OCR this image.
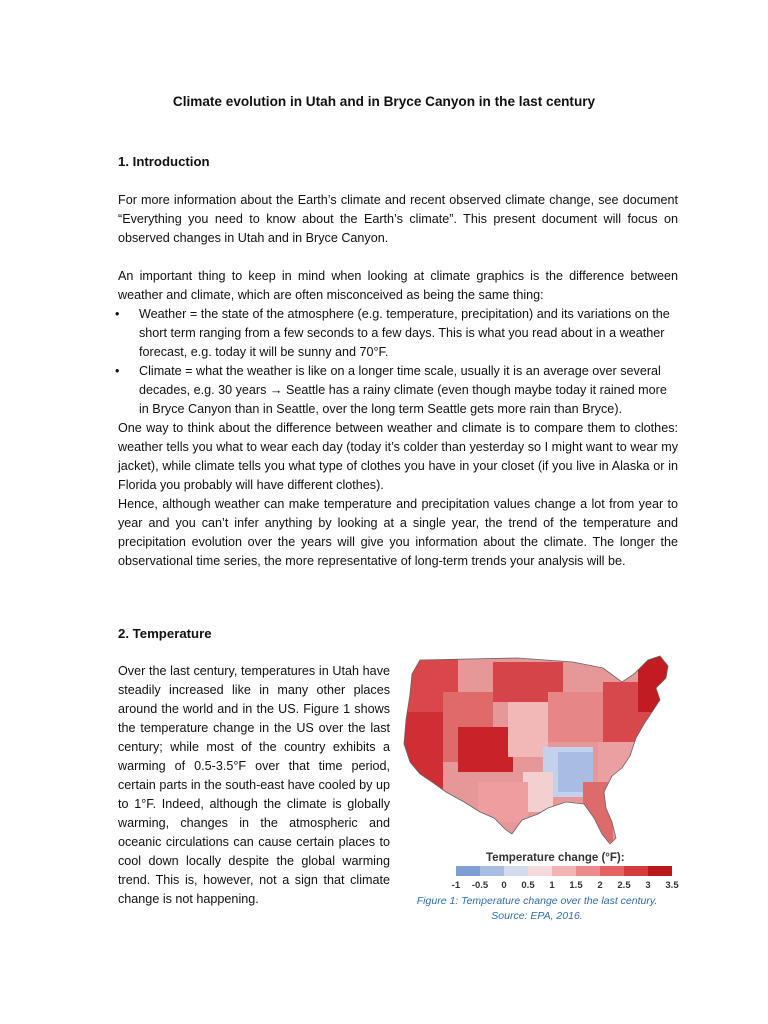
Climate evolution in Utah and in Bryce Canyon in the last century
1. Introduction

For more information about the Earth’s climate and recent observed climate change, see document “Everything you need to know about the Earth’s climate”. This present document will focus on observed changes in Utah and in Bryce Canyon.

An important thing to keep in mind when looking at climate graphics is the difference between weather and climate, which are often misconceived as being the same thing:

•	Weather = the state of the atmosphere (e.g. temperature, precipitation) and its variations on the short term ranging from a few seconds to a few days. This is what you read about in a weather forecast, e.g. today it will be sunny and 70°F.
•	Climate = what the weather is like on a longer time scale, usually it is an average over several decades, e.g. 30 years → Seattle has a rainy climate (even though maybe today it rained more in Bryce Canyon than in Seattle, over the long term Seattle gets more rain than Bryce).

One way to think about the difference between weather and climate is to compare them to clothes: weather tells you what to wear each day (today it’s colder than yesterday so I might want to wear my jacket), while climate tells you what type of clothes you have in your closet (if you live in Alaska or in Florida you probably will have different clothes).

Hence, although weather can make temperature and precipitation values change a lot from year to year and you can’t infer anything by looking at a single year, the trend of the temperature and precipitation evolution over the years will give you information about the climate. The longer the observational time series, the more representative of long-term trends your analysis will be.

2. Temperature

Over the last century, temperatures in Utah have steadily increased like in many other places around the world and in the US. Figure 1 shows the temperature change in the US over the last century; while most of the country exhibits a warming of 0.5-3.5°F over that time period, certain parts in the south-east have cooled by up to 1°F. Indeed, although the climate is globally warming, changes in the atmospheric and oceanic circulations can cause certain places to cool down locally despite the global warming trend. This is, however, not a sign that climate change is not happening.

Temperature change (°F):
-1 -0.5 0 0.5 1 1.5 2 2.5 3 3.5
Figure 1: Temperature change over the last century.
Source: EPA, 2016.
